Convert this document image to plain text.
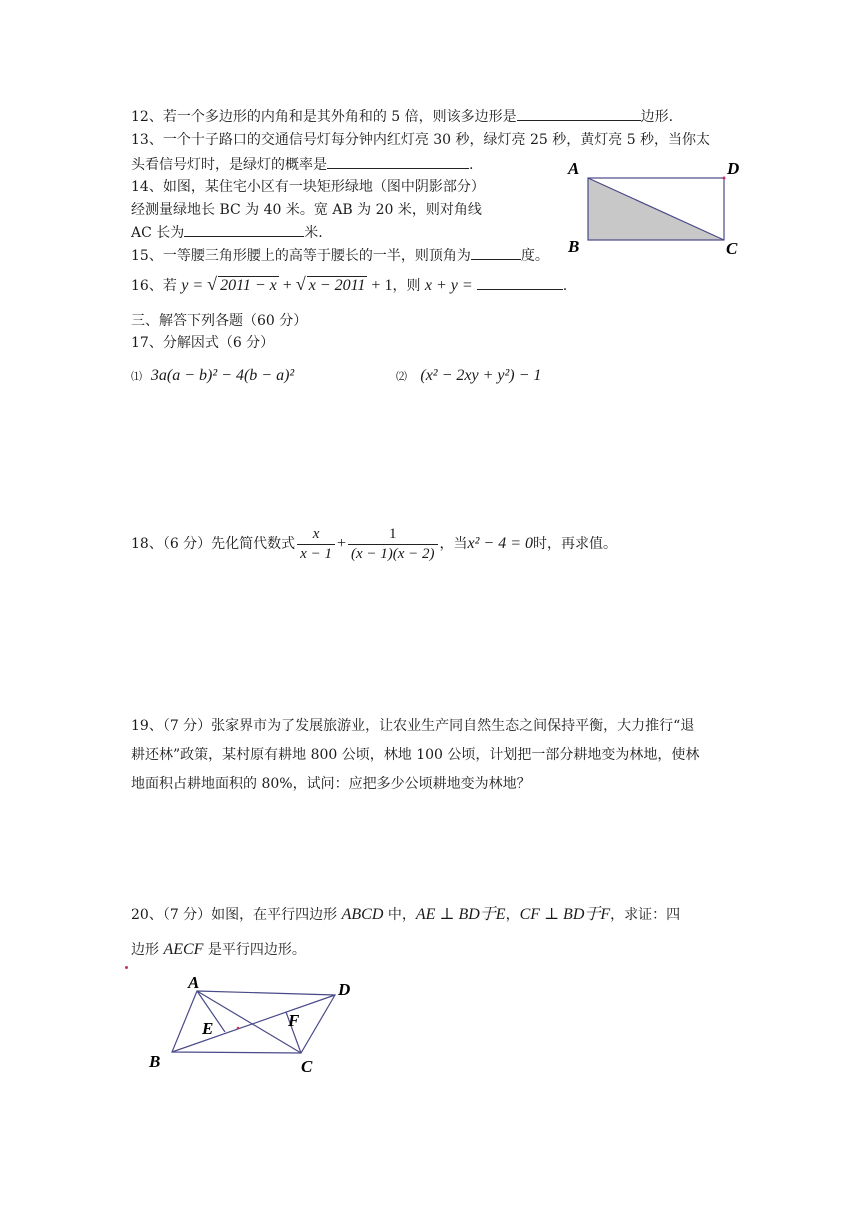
12、若一个多边形的内角和是其外角和的 5 倍，则该多边形是	边形.
13、一个十子路口的交通信号灯每分钟内红灯亮 30 秒，绿灯亮 25 秒，黄灯亮 5 秒，当你太
头看信号灯时，是绿灯的概率是	.
14、如图，某住宅小区有一块矩形绿地（图中阴影部分）
经测量绿地长 BC 为 40 米。宽 AB 为 20 米，则对角线
AC 长为	米.
A	D
B	C
15、一等腰三角形腰上的高等于腰长的一半，则顶角为	度。
16、若 y = √ 2011 − x + √ x − 2011 + 1，则 x + y =	.
三、解答下列各题（60 分）
17、分解因式（6 分）
⑴ 3a(a − b)² − 4(b − a)²	⑵ (x² − 2xy + y²) − 1
18、（6 分）先化简代数式 $\frac{x}{x - 1} + \frac{1}{(x - 1)(x - 2)}$ ，当x² − 4 = 0时，再求值。
19、（7 分）张家界市为了发展旅游业，让农业生产同自然生态之间保持平衡，大力推行“退
耕还林”政策，某村原有耕地 800 公顷，林地 100 公顷，计划把一部分耕地变为林地，使林
地面积占耕地面积的 80%，试问：应把多少公顷耕地变为林地？
20、（7 分）如图，在平行四边形 ABCD 中，AE ⊥ BD于E，CF ⊥ BD于F，求证：四
边形 AECF 是平行四边形。
A	D
E	F
B	C
